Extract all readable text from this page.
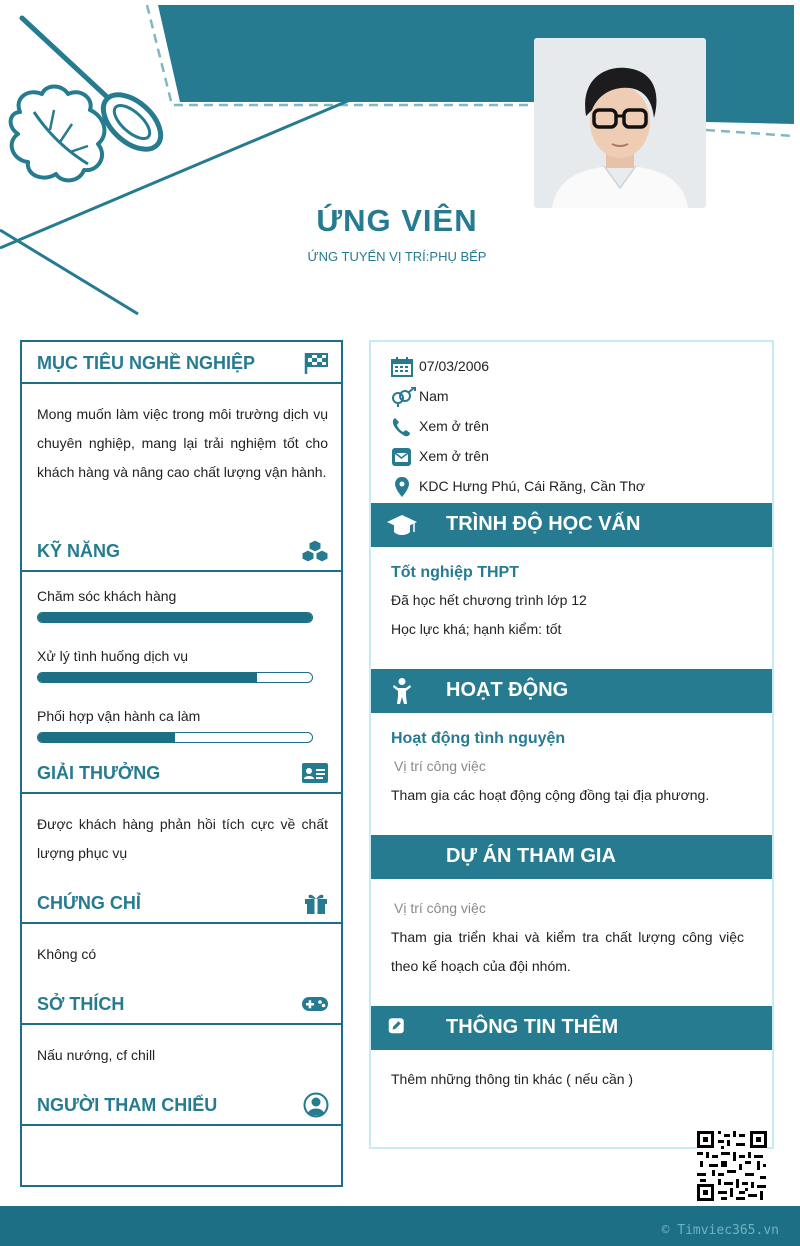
ỨNG VIÊN
ỨNG TUYỂN VỊ TRÍ:PHỤ BẾP
MỤC TIÊU NGHỀ NGHIỆP
Mong muốn làm việc trong môi trường dịch vụ chuyên nghiệp, mang lại trải nghiệm tốt cho khách hàng và nâng cao chất lượng vận hành.
KỸ NĂNG
Chăm sóc khách hàng
Xử lý tình huống dịch vụ
Phối hợp vận hành ca làm
GIẢI THƯỞNG
Được khách hàng phản hồi tích cực về chất lượng phục vụ
CHỨNG CHỈ
Không có
SỞ THÍCH
Nấu nướng, cf chill
NGƯỜI THAM CHIẾU
07/03/2006
Nam
Xem ở trên
Xem ở trên
KDC Hưng Phú, Cái Răng, Cần Thơ
TRÌNH ĐỘ HỌC VẤN
Tốt nghiệp THPT
Đã học hết chương trình lớp 12
Học lực khá; hạnh kiểm: tốt
HOẠT ĐỘNG
Hoạt động tình nguyện
Vị trí công việc
Tham gia các hoạt động cộng đồng tại địa phương.
DỰ ÁN THAM GIA
Vị trí công việc
Tham gia triển khai và kiểm tra chất lượng công việc theo kế hoạch của đội nhóm.
THÔNG TIN THÊM
Thêm những thông tin khác ( nếu cần )
© Timviec365.vn
